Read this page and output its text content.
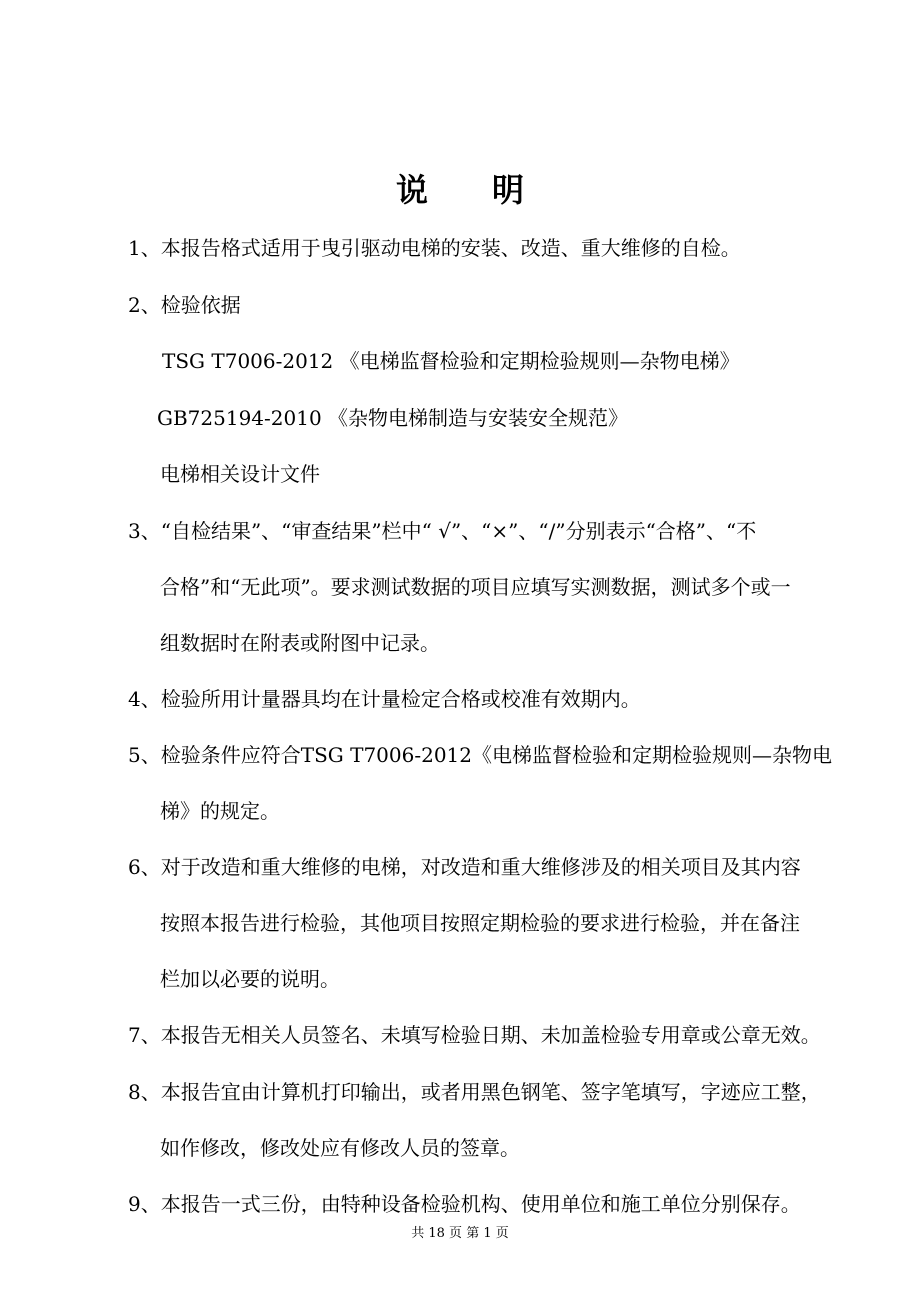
说 明
1、本报告格式适用于曳引驱动电梯的安装、改造、重大维修的自检。
2、检验依据
TSG T7006-2012 《电梯监督检验和定期检验规则—杂物电梯》
GB725194-2010 《杂物电梯制造与安装安全规范》
电梯相关设计文件
3、“自检结果”、“审查结果”栏中“ √”、“×”、“/”分别表示“合格”、“不
合格”和“无此项”。要求测试数据的项目应填写实测数据，测试多个或一
组数据时在附表或附图中记录。
4、检验所用计量器具均在计量检定合格或校准有效期内。
5、检验条件应符合TSG T7006-2012《电梯监督检验和定期检验规则—杂物电
梯》的规定。
6、对于改造和重大维修的电梯，对改造和重大维修涉及的相关项目及其内容
按照本报告进行检验，其他项目按照定期检验的要求进行检验，并在备注
栏加以必要的说明。
7、本报告无相关人员签名、未填写检验日期、未加盖检验专用章或公章无效。
8、本报告宜由计算机打印输出，或者用黑色钢笔、签字笔填写，字迹应工整，
如作修改，修改处应有修改人员的签章。
9、本报告一式三份，由特种设备检验机构、使用单位和施工单位分别保存。
共 18 页 第 1 页
